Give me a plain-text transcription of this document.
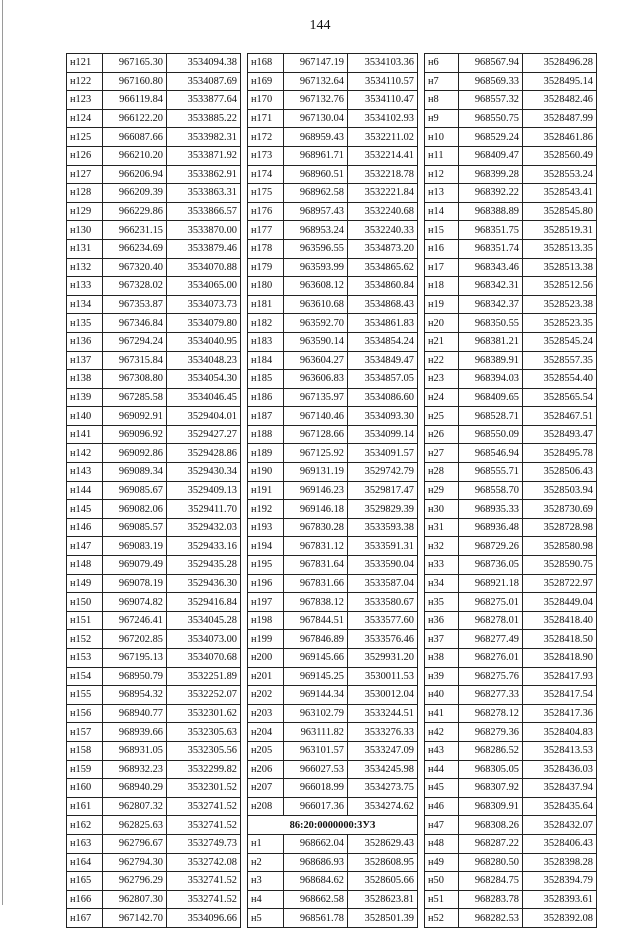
144
н121	967165.30	3534094.38
н122	967160.80	3534087.69
н123	966119.84	3533877.64
н124	966122.20	3533885.22
н125	966087.66	3533982.31
н126	966210.20	3533871.92
н127	966206.94	3533862.91
н128	966209.39	3533863.31
н129	966229.86	3533866.57
н130	966231.15	3533870.00
н131	966234.69	3533879.46
н132	967320.40	3534070.88
н133	967328.02	3534065.00
н134	967353.87	3534073.73
н135	967346.84	3534079.80
н136	967294.24	3534040.95
н137	967315.84	3534048.23
н138	967308.80	3534054.30
н139	967285.58	3534046.45
н140	969092.91	3529404.01
н141	969096.92	3529427.27
н142	969092.86	3529428.86
н143	969089.34	3529430.34
н144	969085.67	3529409.13
н145	969082.06	3529411.70
н146	969085.57	3529432.03
н147	969083.19	3529433.16
н148	969079.49	3529435.28
н149	969078.19	3529436.30
н150	969074.82	3529416.84
н151	967246.41	3534045.28
н152	967202.85	3534073.00
н153	967195.13	3534070.68
н154	968950.79	3532251.89
н155	968954.32	3532252.07
н156	968940.77	3532301.62
н157	968939.66	3532305.63
н158	968931.05	3532305.56
н159	968932.23	3532299.82
н160	968940.29	3532301.52
н161	962807.32	3532741.52
н162	962825.63	3532741.52
н163	962796.67	3532749.73
н164	962794.30	3532742.08
н165	962796.29	3532741.52
н166	962807.30	3532741.52
н167	967142.70	3534096.66
н168	967147.19	3534103.36
н169	967132.64	3534110.57
н170	967132.76	3534110.47
н171	967130.04	3534102.93
н172	968959.43	3532211.02
н173	968961.71	3532214.41
н174	968960.51	3532218.78
н175	968962.58	3532221.84
н176	968957.43	3532240.68
н177	968953.24	3532240.33
н178	963596.55	3534873.20
н179	963593.99	3534865.62
н180	963608.12	3534860.84
н181	963610.68	3534868.43
н182	963592.70	3534861.83
н183	963590.14	3534854.24
н184	963604.27	3534849.47
н185	963606.83	3534857.05
н186	967135.97	3534086.60
н187	967140.46	3534093.30
н188	967128.66	3534099.14
н189	967125.92	3534091.57
н190	969131.19	3529742.79
н191	969146.23	3529817.47
н192	969146.18	3529829.39
н193	967830.28	3533593.38
н194	967831.12	3533591.31
н195	967831.64	3533590.04
н196	967831.66	3533587.04
н197	967838.12	3533580.67
н198	967844.51	3533577.60
н199	967846.89	3533576.46
н200	969145.66	3529931.20
н201	969145.25	3530011.53
н202	969144.34	3530012.04
н203	963102.79	3533244.51
н204	963111.82	3533276.33
н205	963101.57	3533247.09
н206	966027.53	3534245.98
н207	966018.99	3534273.75
н208	966017.36	3534274.62
86:20:0000000:3УЗ		
н1	968662.04	3528629.43
н2	968686.93	3528608.95
н3	968684.62	3528605.66
н4	968662.58	3528623.81
н5	968561.78	3528501.39
н6	968567.94	3528496.28
н7	968569.33	3528495.14
н8	968557.32	3528482.46
н9	968550.75	3528487.99
н10	968529.24	3528461.86
н11	968409.47	3528560.49
н12	968399.28	3528553.24
н13	968392.22	3528543.41
н14	968388.89	3528545.80
н15	968351.75	3528519.31
н16	968351.74	3528513.35
н17	968343.46	3528513.38
н18	968342.31	3528512.56
н19	968342.37	3528523.38
н20	968350.55	3528523.35
н21	968381.21	3528545.24
н22	968389.91	3528557.35
н23	968394.03	3528554.40
н24	968409.65	3528565.54
н25	968528.71	3528467.51
н26	968550.09	3528493.47
н27	968546.94	3528495.78
н28	968555.71	3528506.43
н29	968558.70	3528503.94
н30	968935.33	3528730.69
н31	968936.48	3528728.98
н32	968729.26	3528580.98
н33	968736.05	3528590.75
н34	968921.18	3528722.97
н35	968275.01	3528449.04
н36	968278.01	3528418.40
н37	968277.49	3528418.50
н38	968276.01	3528418.90
н39	968275.76	3528417.93
н40	968277.33	3528417.54
н41	968278.12	3528417.36
н42	968279.36	3528404.83
н43	968286.52	3528413.53
н44	968305.05	3528436.03
н45	968307.92	3528437.94
н46	968309.91	3528435.64
н47	968308.26	3528432.07
н48	968287.22	3528406.43
н49	968280.50	3528398.28
н50	968284.75	3528394.79
н51	968283.78	3528393.61
н52	968282.53	3528392.08
